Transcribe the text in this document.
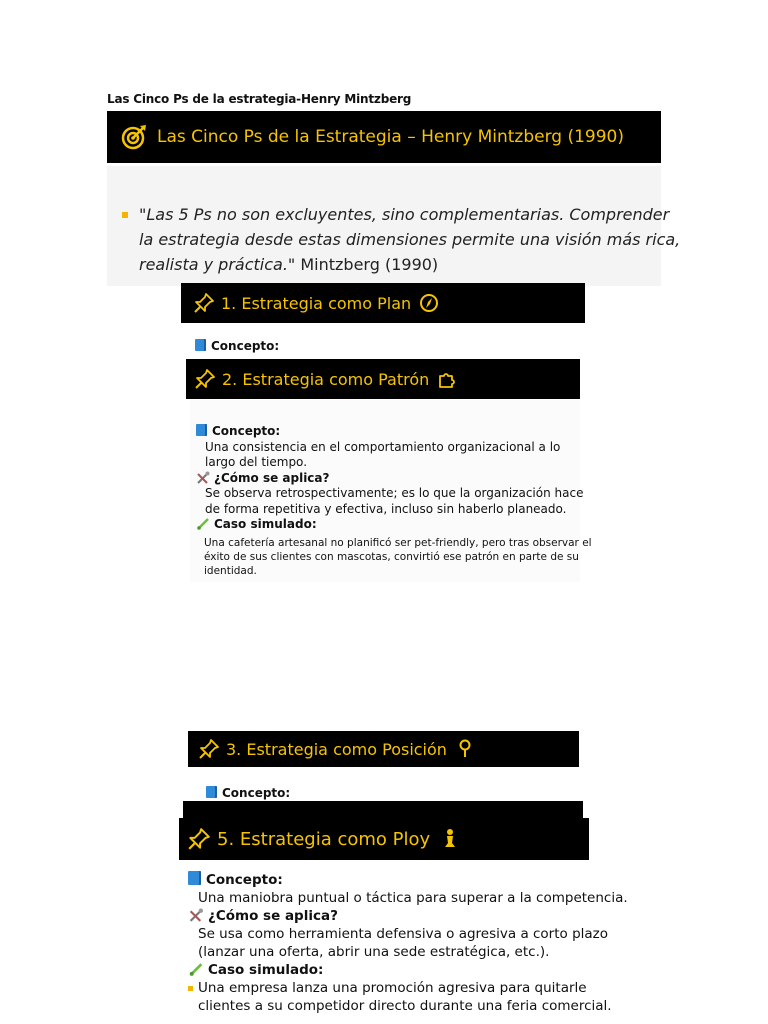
Las Cinco Ps de la estrategia-Henry Mintzberg
Las Cinco Ps de la Estrategia – Henry Mintzberg (1990)
"Las 5 Ps no son excluyentes, sino complementarias. Comprender
la estrategia desde estas dimensiones permite una visión más rica,
realista y práctica." Mintzberg (1990)
1. Estrategia como Plan
Concepto:
2. Estrategia como Patrón
Concepto:
Una consistencia en el comportamiento organizacional a lo
largo del tiempo.
¿Cómo se aplica?
Se observa retrospectivamente; es lo que la organización hace
de forma repetitiva y efectiva, incluso sin haberlo planeado.
Caso simulado:
Una cafetería artesanal no planificó ser pet-friendly, pero tras observar el
éxito de sus clientes con mascotas, convirtió ese patrón en parte de su
identidad.
3. Estrategia como Posición
Concepto:
5. Estrategia como Ploy
Concepto:
Una maniobra puntual o táctica para superar a la competencia.
¿Cómo se aplica?
Se usa como herramienta defensiva o agresiva a corto plazo
(lanzar una oferta, abrir una sede estratégica, etc.).
Caso simulado:
Una empresa lanza una promoción agresiva para quitarle
clientes a su competidor directo durante una feria comercial.
